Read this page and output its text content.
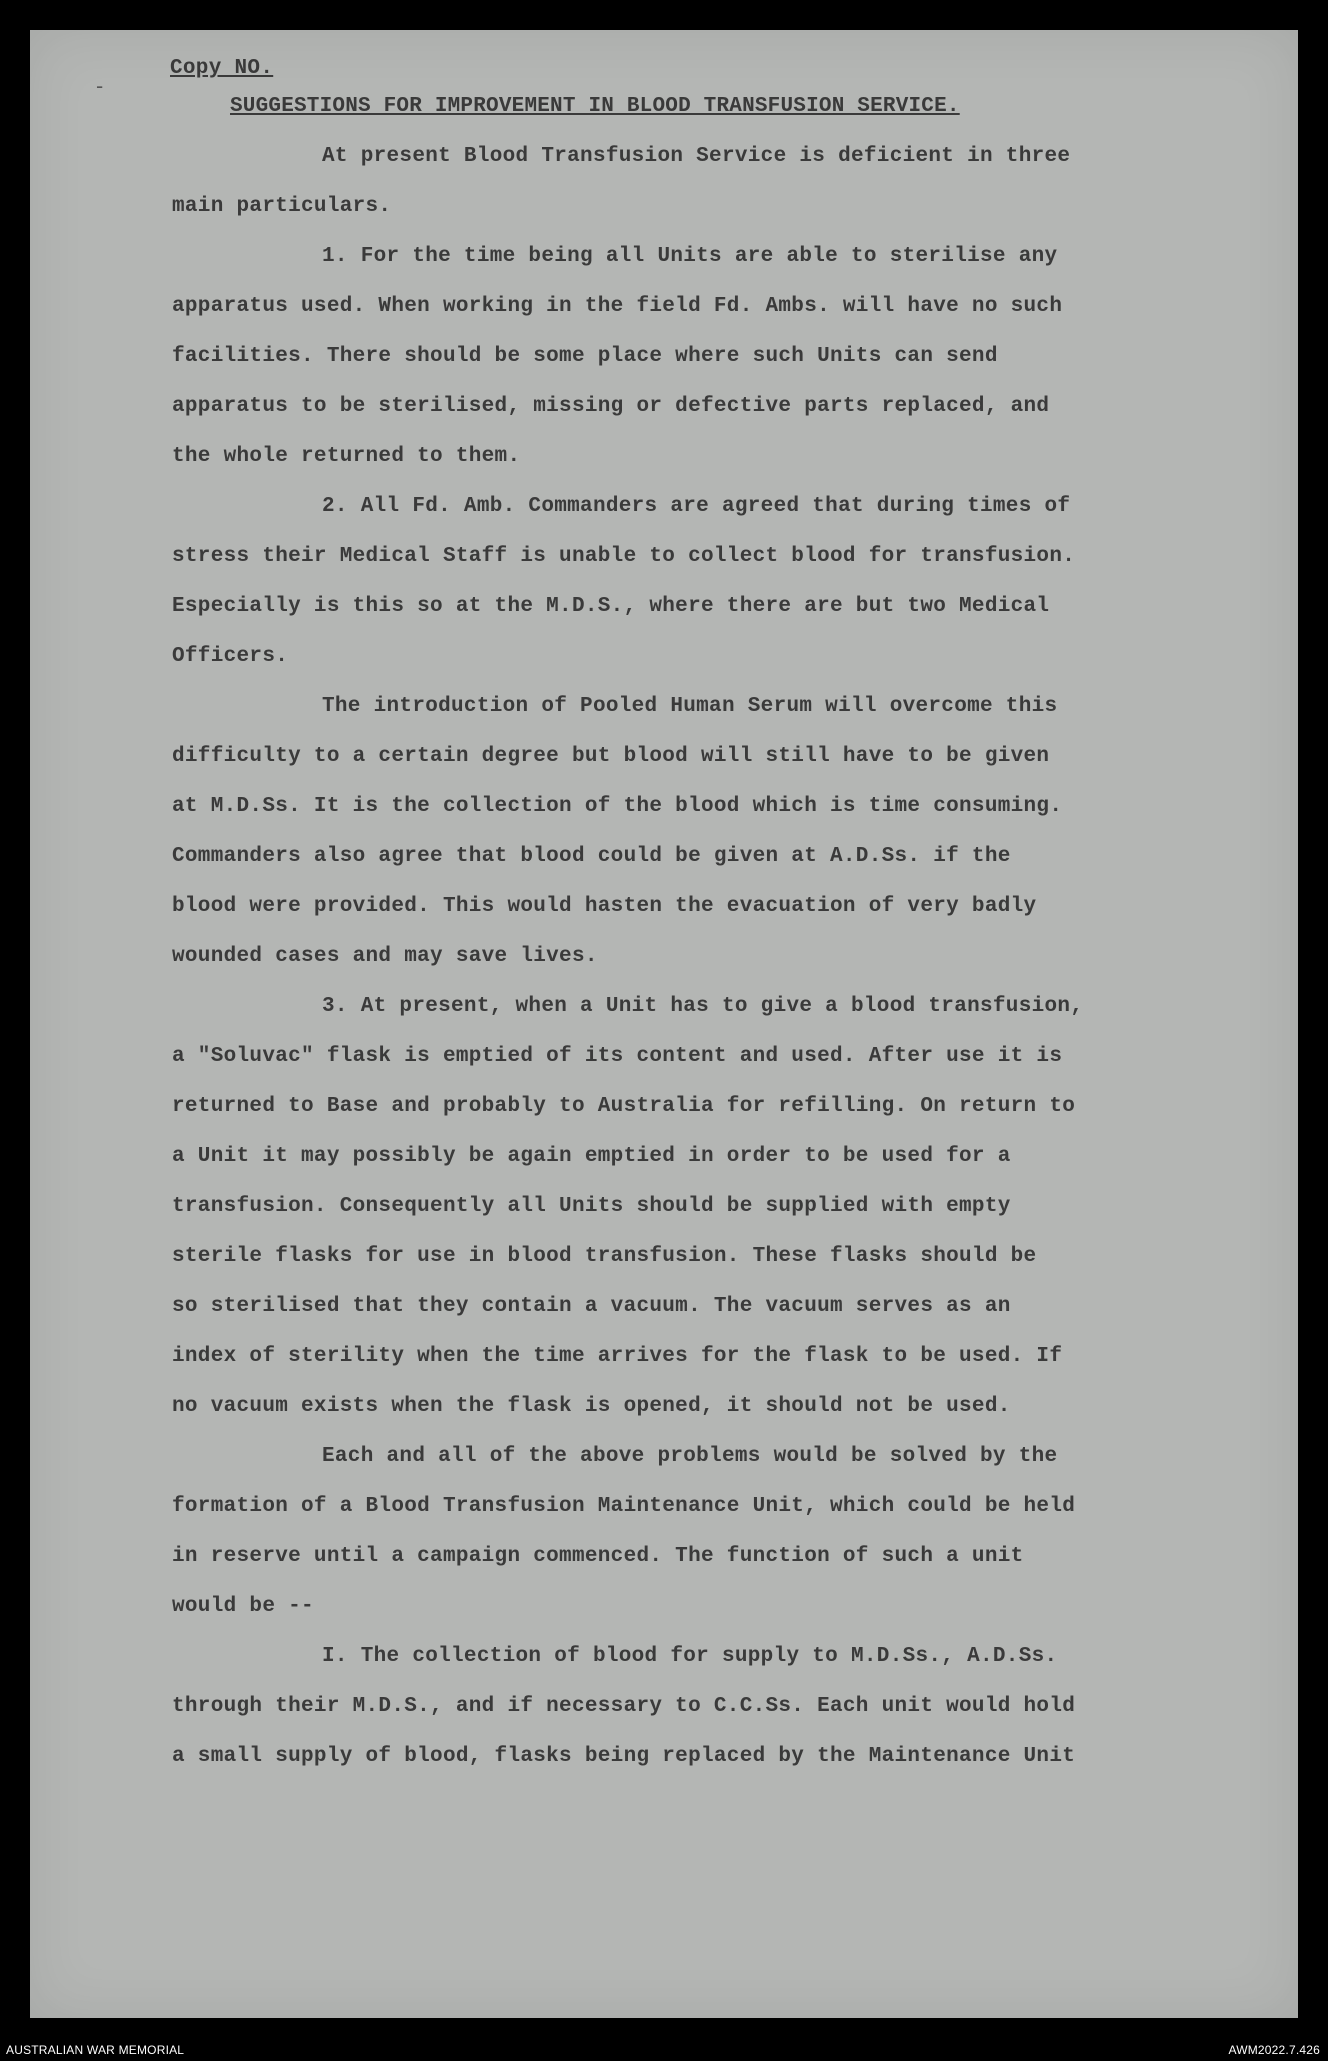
Copy NO.
SUGGESTIONS FOR IMPROVEMENT IN BLOOD TRANSFUSION SERVICE.
At present Blood Transfusion Service is deficient in three
main particulars.
1. For the time being all Units are able to sterilise any
apparatus used. When working in the field Fd. Ambs. will have no such
facilities. There should be some place where such Units can send
apparatus to be sterilised, missing or defective parts replaced, and
the whole returned to them.
2. All Fd. Amb. Commanders are agreed that during times of
stress their Medical Staff is unable to collect blood for transfusion.
Especially is this so at the M.D.S., where there are but two Medical
Officers.
The introduction of Pooled Human Serum will overcome this
difficulty to a certain degree but blood will still have to be given
at M.D.Ss. It is the collection of the blood which is time consuming.
Commanders also agree that blood could be given at A.D.Ss. if the
blood were provided. This would hasten the evacuation of very badly
wounded cases and may save lives.
3. At present, when a Unit has to give a blood transfusion,
a "Soluvac" flask is emptied of its content and used. After use it is
returned to Base and probably to Australia for refilling. On return to
a Unit it may possibly be again emptied in order to be used for a
transfusion. Consequently all Units should be supplied with empty
sterile flasks for use in blood transfusion. These flasks should be
so sterilised that they contain a vacuum. The vacuum serves as an
index of sterility when the time arrives for the flask to be used. If
no vacuum exists when the flask is opened, it should not be used.
Each and all of the above problems would be solved by the
formation of a Blood Transfusion Maintenance Unit, which could be held
in reserve until a campaign commenced. The function of such a unit
would be --
I. The collection of blood for supply to M.D.Ss., A.D.Ss.
through their M.D.S., and if necessary to C.C.Ss. Each unit would hold
a small supply of blood, flasks being replaced by the Maintenance Unit
-
AUSTRALIAN WAR MEMORIAL	AWM2022.7.426
